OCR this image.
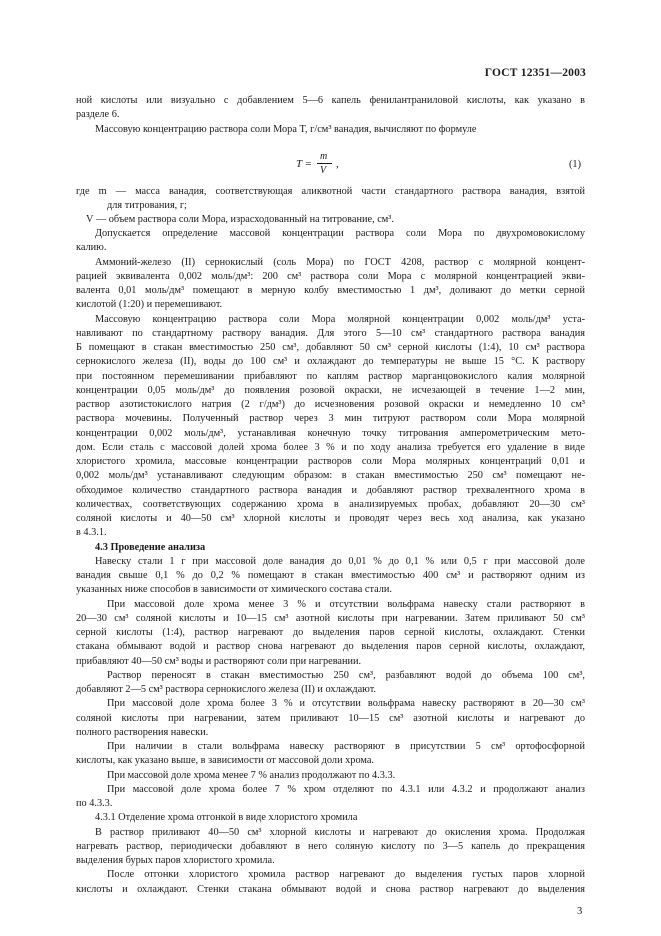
ГОСТ 12351—2003
ной кислоты или визуально с добавлением 5—6 капель фенилантраниловой кислоты, как указано в
разделе 6.
Массовую концентрацию раствора соли Мора T, г/см³ ванадия, вычисляют по формуле
T =
m
V
,	(1)
где m — масса ванадия, соответствующая аликвотной части стандартного раствора ванадия, взятой
для титрования, г;
V — объем раствора соли Мора, израсходованный на титрование, см³.
Допускается определение массовой концентрации раствора соли Мора по двухромовокислому
калию.
Аммоний-железо (II) сернокислый (соль Мора) по ГОСТ 4208, раствор с молярной концент-
рацией эквивалента 0,002 моль/дм³: 200 см³ раствора соли Мора с молярной концентрацией экви-
валента 0,01 моль/дм³ помещают в мерную колбу вместимостью 1 дм³, доливают до метки серной
кислотой (1:20) и перемешивают.
Массовую концентрацию раствора соли Мора молярной концентрации 0,002 моль/дм³ уста-
навливают по стандартному раствору ванадия. Для этого 5—10 см³ стандартного раствора ванадия
Б помещают в стакан вместимостью 250 см³, добавляют 50 см³ серной кислоты (1:4), 10 см³ раствора
сернокислого железа (II), воды до 100 см³ и охлаждают до температуры не выше 15 °С. К раствору
при постоянном перемешивании прибавляют по каплям раствор марганцовокислого калия молярной
концентрации 0,05 моль/дм³ до появления розовой окраски, не исчезающей в течение 1—2 мин,
раствор азотистокислого натрия (2 г/дм³) до исчезновения розовой окраски и немедленно 10 см³
раствора мочевины. Полученный раствор через 3 мин титруют раствором соли Мора молярной
концентрации 0,002 моль/дм³, устанавливая конечную точку титрования амперометрическим мето-
дом. Если сталь с массовой долей хрома более 3 % и по ходу анализа требуется его удаление в виде
хлористого хромила, массовые концентрации растворов соли Мора молярных концентраций 0,01 и
0,002 моль/дм³ устанавливают следующим образом: в стакан вместимостью 250 см³ помещают не-
обходимое количество стандартного раствора ванадия и добавляют раствор трехвалентного хрома в
количествах, соответствующих содержанию хрома в анализируемых пробах, добавляют 20—30 см³
соляной кислоты и 40—50 см³ хлорной кислоты и проводят через весь ход анализа, как указано
в 4.3.1.
4.3 Проведение анализа
Навеску стали 1 г при массовой доле ванадия до 0,01 % до 0,1 % или 0,5 г при массовой доле
ванадия свыше 0,1 % до 0,2 % помещают в стакан вместимостью 400 см³ и растворяют одним из
указанных ниже способов в зависимости от химического состава стали.
При массовой доле хрома менее 3 % и отсутствии вольфрама навеску стали растворяют в
20—30 см³ соляной кислоты и 10—15 см³ азотной кислоты при нагревании. Затем приливают 50 см³
серной кислоты (1:4), раствор нагревают до выделения паров серной кислоты, охлаждают. Стенки
стакана обмывают водой и раствор снова нагревают до выделения паров серной кислоты, охлаждают,
прибавляют 40—50 см³ воды и растворяют соли при нагревании.
Раствор переносят в стакан вместимостью 250 см³, разбавляют водой до объема 100 см³,
добавляют 2—5 см³ раствора сернокислого железа (II) и охлаждают.
При массовой доле хрома более 3 % и отсутствии вольфрама навеску растворяют в 20—30 см³
соляной кислоты при нагревании, затем приливают 10—15 см³ азотной кислоты и нагревают до
полного растворения навески.
При наличии в стали вольфрама навеску растворяют в присутствии 5 см³ ортофосфорной
кислоты, как указано выше, в зависимости от массовой доли хрома.
При массовой доле хрома менее 7 % анализ продолжают по 4.3.3.
При массовой доле хрома более 7 % хром отделяют по 4.3.1 или 4.3.2 и продолжают анализ
по 4.3.3.
4.3.1 Отделение хрома отгонкой в виде хлористого хромила
В раствор приливают 40—50 см³ хлорной кислоты и нагревают до окисления хрома. Продолжая
нагревать раствор, периодически добавляют в него соляную кислоту по 3—5 капель до прекращения
выделения бурых паров хлористого хромила.
После отгонки хлористого хромила раствор нагревают до выделения густых паров хлорной
кислоты и охлаждают. Стенки стакана обмывают водой и снова раствор нагревают до выделения
3
